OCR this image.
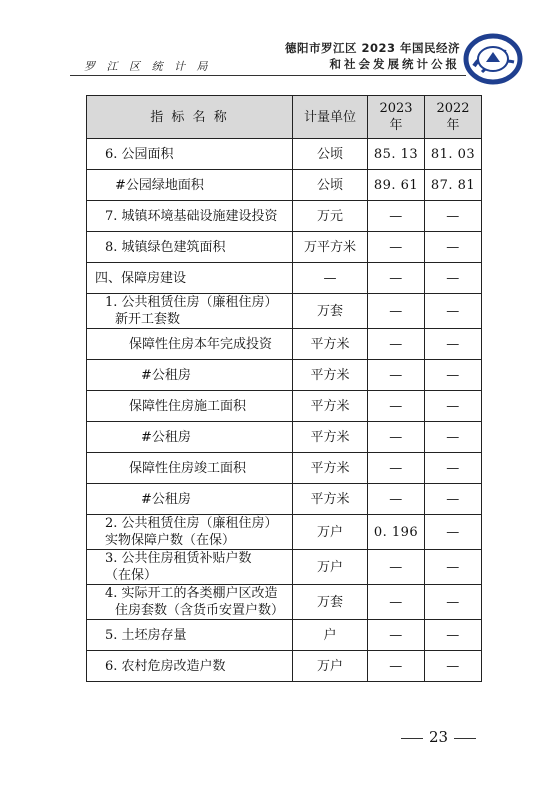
德阳市罗江区 2023 年国民经济
和社会发展统计公报
罗 江 区 统 计 局
指 标 名 称	计量单位	2023 年	2022 年
6. 公园面积	公顷	85. 13	81. 03
#公园绿地面积	公顷	89. 61	87. 81
7. 城镇环境基础设施建设投资	万元	—	—
8. 城镇绿色建筑面积	万平方米	—	—
四、保障房建设	—	—	—

1. 公共租赁住房（廉租住房）
新开工套数	万套	—	—
保障性住房本年完成投资	平方米	—	—
#公租房	平方米	—	—
保障性住房施工面积	平方米	—	—
#公租房	平方米	—	—
保障性住房竣工面积	平方米	—	—
#公租房	平方米	—	—

2. 公共租赁住房（廉租住房）
实物保障户数（在保）	万户	0. 196	—

3. 公共住房租赁补贴户数
（在保）	万户	—	—

4. 实际开工的各类棚户区改造
住房套数（含货币安置户数）	万套	—	—
5. 土坯房存量	户	—	—
6. 农村危房改造户数	万户	—	—
23
